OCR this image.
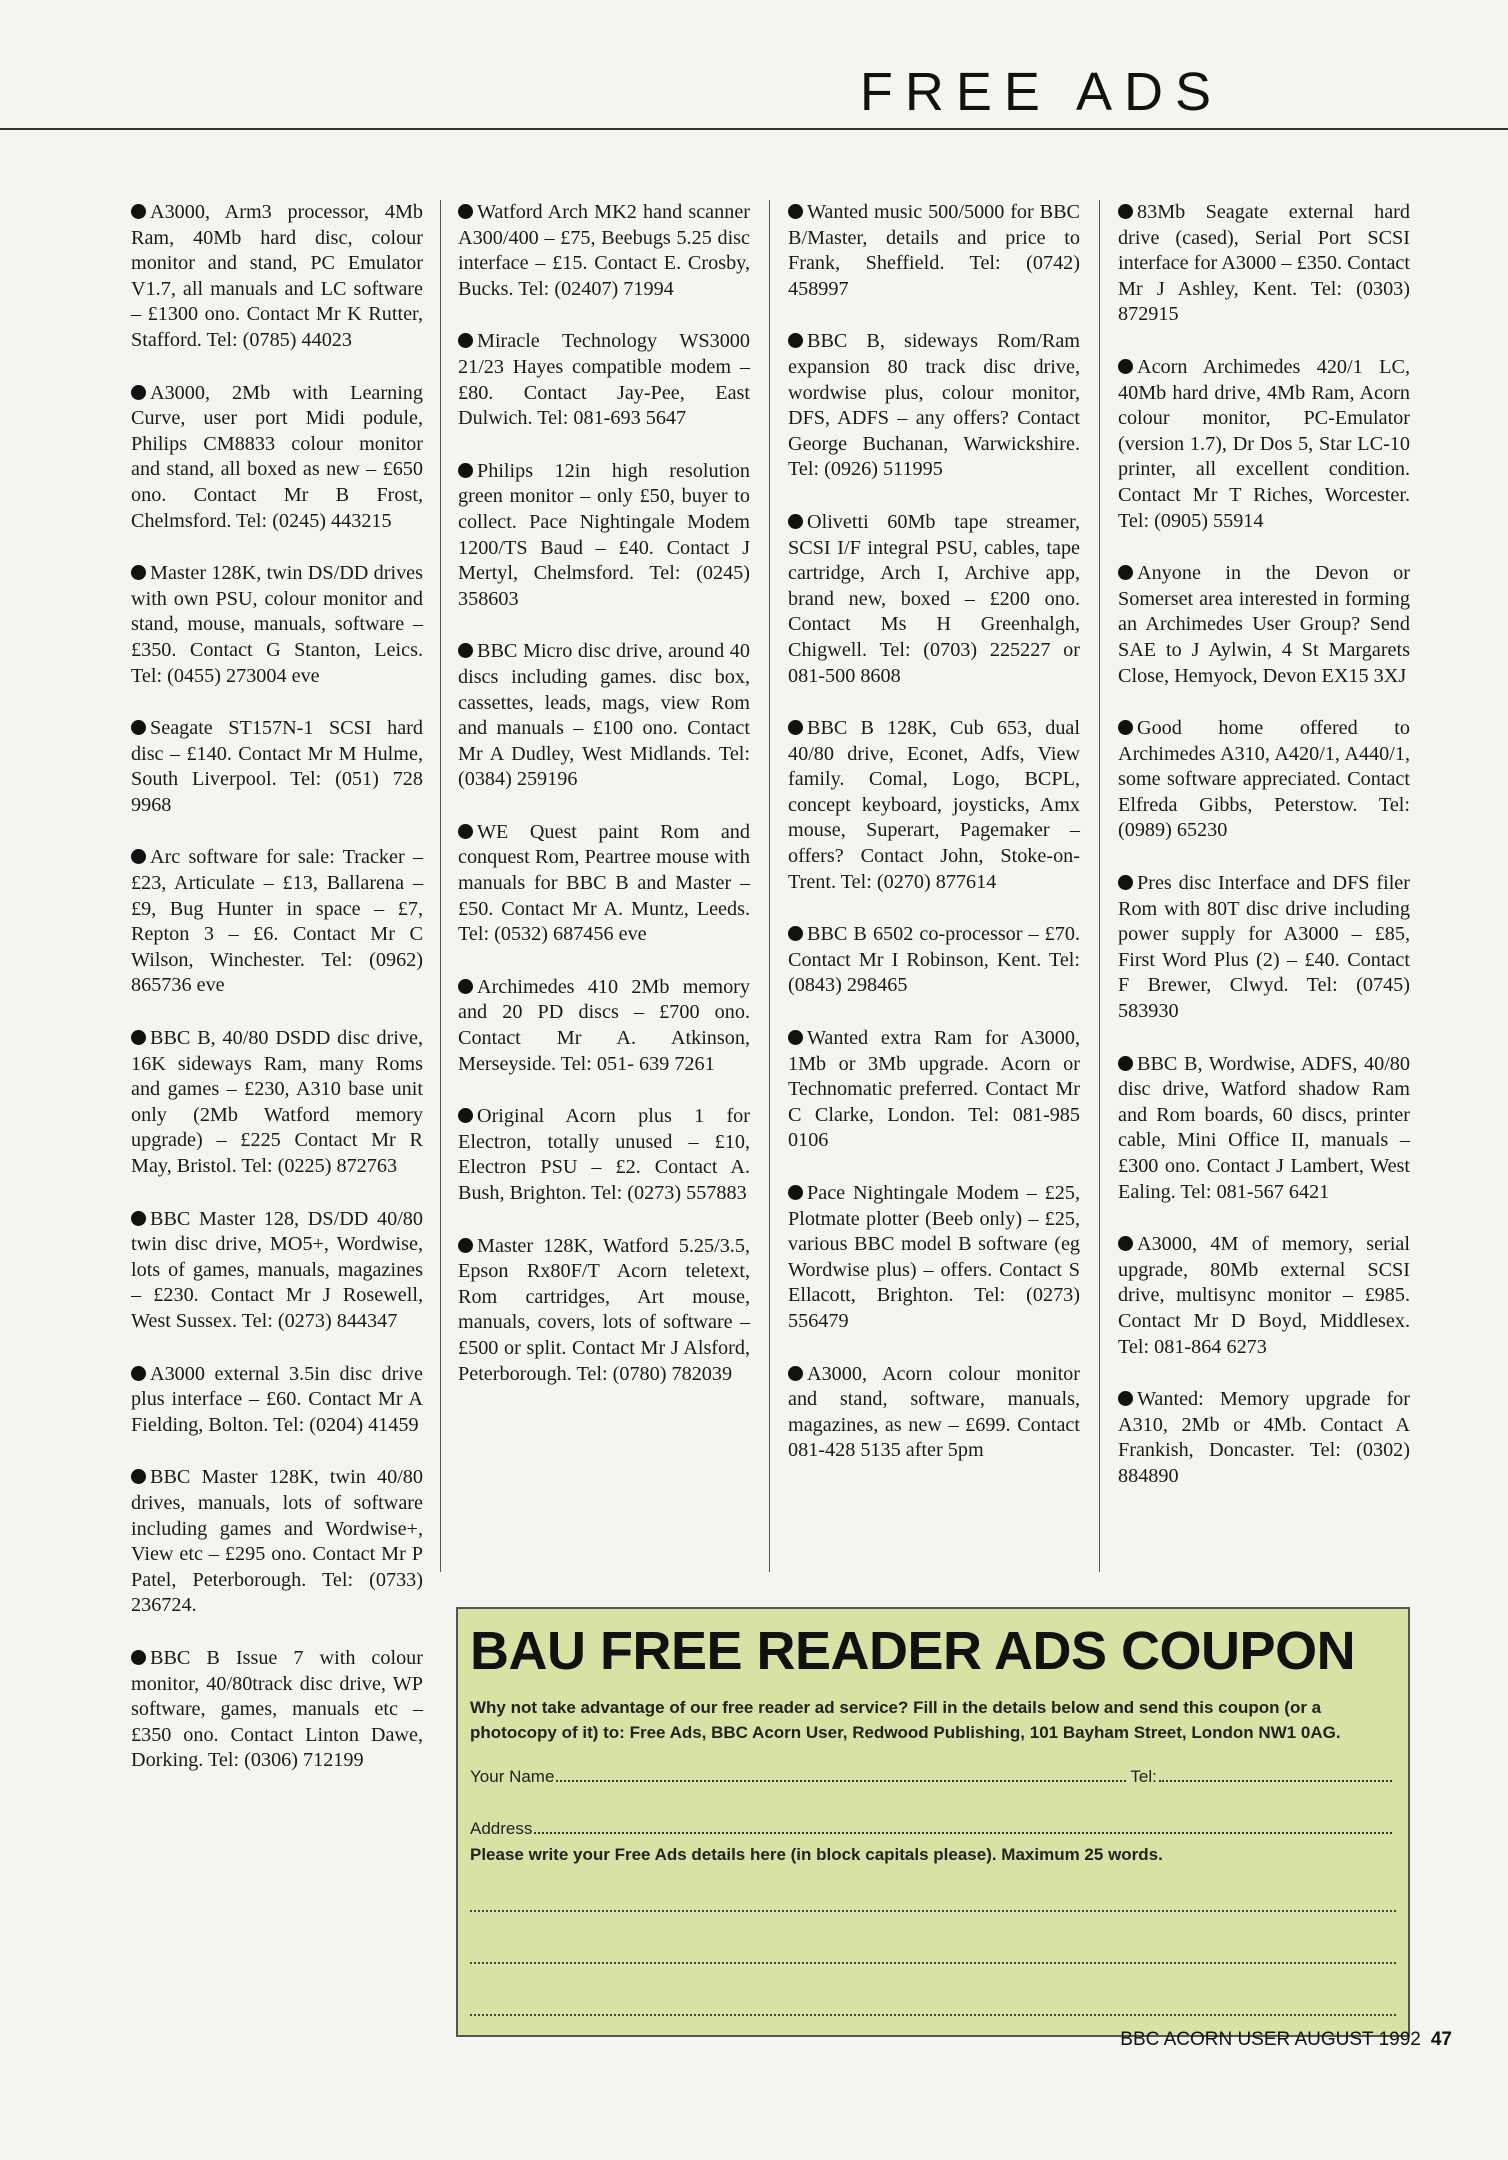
FREE ADS
A3000, Arm3 processor, 4Mb Ram, 40Mb hard disc, colour monitor and stand, PC Emulator V1.7, all manuals and LC software – £1300 ono. Contact Mr K Rutter, Stafford. Tel: (0785) 44023
A3000, 2Mb with Learning Curve, user port Midi podule, Philips CM8833 colour monitor and stand, all boxed as new – £650 ono. Contact Mr B Frost, Chelmsford. Tel: (0245) 443215
Master 128K, twin DS/DD drives with own PSU, colour monitor and stand, mouse, manuals, software – £350. Contact G Stanton, Leics. Tel: (0455) 273004 eve
Seagate ST157N-1 SCSI hard disc – £140. Contact Mr M Hulme, South Liverpool. Tel: (051) 728 9968
Arc software for sale: Tracker – £23, Articulate – £13, Ballarena – £9, Bug Hunter in space – £7, Repton 3 – £6. Contact Mr C Wilson, Winchester. Tel: (0962) 865736 eve
BBC B, 40/80 DSDD disc drive, 16K sideways Ram, many Roms and games – £230, A310 base unit only (2Mb Watford memory upgrade) – £225 Contact Mr R May, Bristol. Tel: (0225) 872763
BBC Master 128, DS/DD 40/80 twin disc drive, MO5+, Wordwise, lots of games, manuals, magazines – £230. Contact Mr J Rosewell, West Sussex. Tel: (0273) 844347
A3000 external 3.5in disc drive plus interface – £60. Contact Mr A Fielding, Bolton. Tel: (0204) 41459
BBC Master 128K, twin 40/80 drives, manuals, lots of software including games and Wordwise+, View etc – £295 ono. Contact Mr P Patel, Peterborough. Tel: (0733) 236724.
BBC B Issue 7 with colour monitor, 40/80track disc drive, WP software, games, manuals etc – £350 ono. Contact Linton Dawe, Dorking. Tel: (0306) 712199
Watford Arch MK2 hand scanner A300/400 – £75, Beebugs 5.25 disc interface – £15. Contact E. Crosby, Bucks. Tel: (02407) 71994
Miracle Technology WS3000 21/23 Hayes compatible modem – £80. Contact Jay-Pee, East Dulwich. Tel: 081-693 5647
Philips 12in high resolution green monitor – only £50, buyer to collect. Pace Nightingale Modem 1200/TS Baud – £40. Contact J Mertyl, Chelmsford. Tel: (0245) 358603
BBC Micro disc drive, around 40 discs including games. disc box, cassettes, leads, mags, view Rom and manuals – £100 ono. Contact Mr A Dudley, West Midlands. Tel: (0384) 259196
WE Quest paint Rom and conquest Rom, Peartree mouse with manuals for BBC B and Master – £50. Contact Mr A. Muntz, Leeds. Tel: (0532) 687456 eve
Archimedes 410 2Mb memory and 20 PD discs – £700 ono. Contact Mr A. Atkinson, Merseyside. Tel: 051- 639 7261
Original Acorn plus 1 for Electron, totally unused – £10, Electron PSU – £2. Contact A. Bush, Brighton. Tel: (0273) 557883
Master 128K, Watford 5.25/3.5, Epson Rx80F/T Acorn teletext, Rom cartridges, Art mouse, manuals, covers, lots of software – £500 or split. Contact Mr J Alsford, Peterborough. Tel: (0780) 782039
Wanted music 500/5000 for BBC B/Master, details and price to Frank, Sheffield. Tel: (0742) 458997
BBC B, sideways Rom/Ram expansion 80 track disc drive, wordwise plus, colour monitor, DFS, ADFS – any offers? Contact George Buchanan, Warwickshire. Tel: (0926) 511995
Olivetti 60Mb tape streamer, SCSI I/F integral PSU, cables, tape cartridge, Arch I, Archive app, brand new, boxed – £200 ono. Contact Ms H Greenhalgh, Chigwell. Tel: (0703) 225227 or 081-500 8608
BBC B 128K, Cub 653, dual 40/80 drive, Econet, Adfs, View family. Comal, Logo, BCPL, concept keyboard, joysticks, Amx mouse, Superart, Pagemaker – offers? Contact John, Stoke-on-Trent. Tel: (0270) 877614
BBC B 6502 co-processor – £70. Contact Mr I Robinson, Kent. Tel: (0843) 298465
Wanted extra Ram for A3000, 1Mb or 3Mb upgrade. Acorn or Technomatic preferred. Contact Mr C Clarke, London. Tel: 081-985 0106
Pace Nightingale Modem – £25, Plotmate plotter (Beeb only) – £25, various BBC model B software (eg Wordwise plus) – offers. Contact S Ellacott, Brighton. Tel: (0273) 556479
A3000, Acorn colour monitor and stand, software, manuals, magazines, as new – £699. Contact 081-428 5135 after 5pm
83Mb Seagate external hard drive (cased), Serial Port SCSI interface for A3000 – £350. Contact Mr J Ashley, Kent. Tel: (0303) 872915
Acorn Archimedes 420/1 LC, 40Mb hard drive, 4Mb Ram, Acorn colour monitor, PC-Emulator (version 1.7), Dr Dos 5, Star LC-10 printer, all excellent condition. Contact Mr T Riches, Worcester. Tel: (0905) 55914
Anyone in the Devon or Somerset area interested in forming an Archimedes User Group? Send SAE to J Aylwin, 4 St Margarets Close, Hemyock, Devon EX15 3XJ
Good home offered to Archimedes A310, A420/1, A440/1, some software appreciated. Contact Elfreda Gibbs, Peterstow. Tel: (0989) 65230
Pres disc Interface and DFS filer Rom with 80T disc drive including power supply for A3000 – £85, First Word Plus (2) – £40. Contact F Brewer, Clwyd. Tel: (0745) 583930
BBC B, Wordwise, ADFS, 40/80 disc drive, Watford shadow Ram and Rom boards, 60 discs, printer cable, Mini Office II, manuals – £300 ono. Contact J Lambert, West Ealing. Tel: 081-567 6421
A3000, 4M of memory, serial upgrade, 80Mb external SCSI drive, multisync monitor – £985. Contact Mr D Boyd, Middlesex. Tel: 081-864 6273
Wanted: Memory upgrade for A310, 2Mb or 4Mb. Contact A Frankish, Doncaster. Tel: (0302) 884890
BAU FREE READER ADS COUPON
Why not take advantage of our free reader ad service? Fill in the details below and send this coupon (or a photocopy of it) to: Free Ads, BBC Acorn User, Redwood Publishing, 101 Bayham Street, London NW1 0AG.
Your Name	Tel:
Address
Please write your Free Ads details here (in block capitals please). Maximum 25 words.
BBC ACORN USER AUGUST 1992 47
